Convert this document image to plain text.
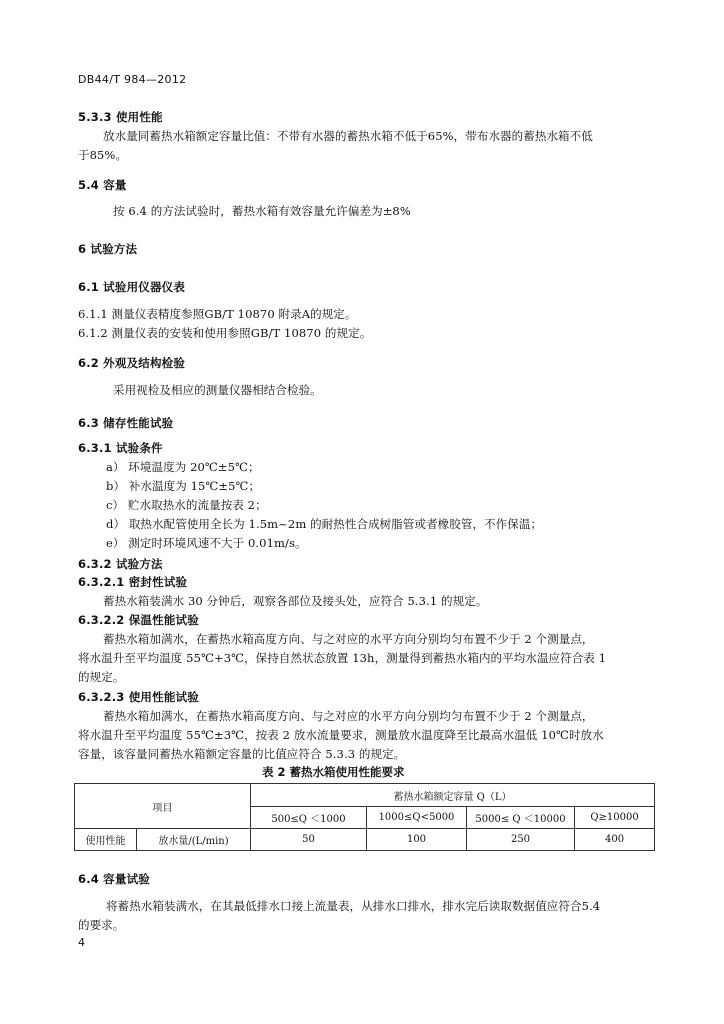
DB44/T 984—2012
5.3.3 使用性能
放水量同蓄热水箱额定容量比值：不带有水器的蓄热水箱不低于65%，带布水器的蓄热水箱不低
于85%。
5.4 容量
按 6.4 的方法试验时，蓄热水箱有效容量允许偏差为±8%
6 试验方法
6.1 试验用仪器仪表
6.1.1 测量仪表精度参照GB/T 10870 附录A的规定。
6.1.2 测量仪表的安装和使用参照GB/T 10870 的规定。
6.2 外观及结构检验
采用视检及相应的测量仪器相结合检验。
6.3 储存性能试验
6.3.1 试验条件
a） 环境温度为 20℃±5℃；
b） 补水温度为 15℃±5℃；
c） 贮水取热水的流量按表 2；
d） 取热水配管使用全长为 1.5m~2m 的耐热性合成树脂管或者橡胶管，不作保温；
e） 测定时环境风速不大于 0.01m/s。
6.3.2 试验方法
6.3.2.1 密封性试验
蓄热水箱装满水 30 分钟后，观察各部位及接头处，应符合 5.3.1 的规定。
6.3.2.2 保温性能试验
蓄热水箱加满水，在蓄热水箱高度方向、与之对应的水平方向分别均匀布置不少于 2 个测量点，
将水温升至平均温度 55℃+3℃，保持自然状态放置 13h，测量得到蓄热水箱内的平均水温应符合表 1
的规定。
6.3.2.3 使用性能试验
蓄热水箱加满水，在蓄热水箱高度方向、与之对应的水平方向分别均匀布置不少于 2 个测量点，
将水温升至平均温度 55℃±3℃，按表 2 放水流量要求，测量放水温度降至比最高水温低 10℃时放水
容量，该容量同蓄热水箱额定容量的比值应符合 5.3.3 的规定。
表 2 蓄热水箱使用性能要求
项目		蓄热水箱额定容量 Q（L）			
		500≤Q ＜1000	1000≤Q<5000	5000≤ Q ＜10000	Q≥10000
使用性能	放水量/(L/min)	50	100	250	400
6.4 容量试验
将蓄热水箱装满水，在其最低排水口接上流量表，从排水口排水，排水完后读取数据值应符合5.4
的要求。
4
